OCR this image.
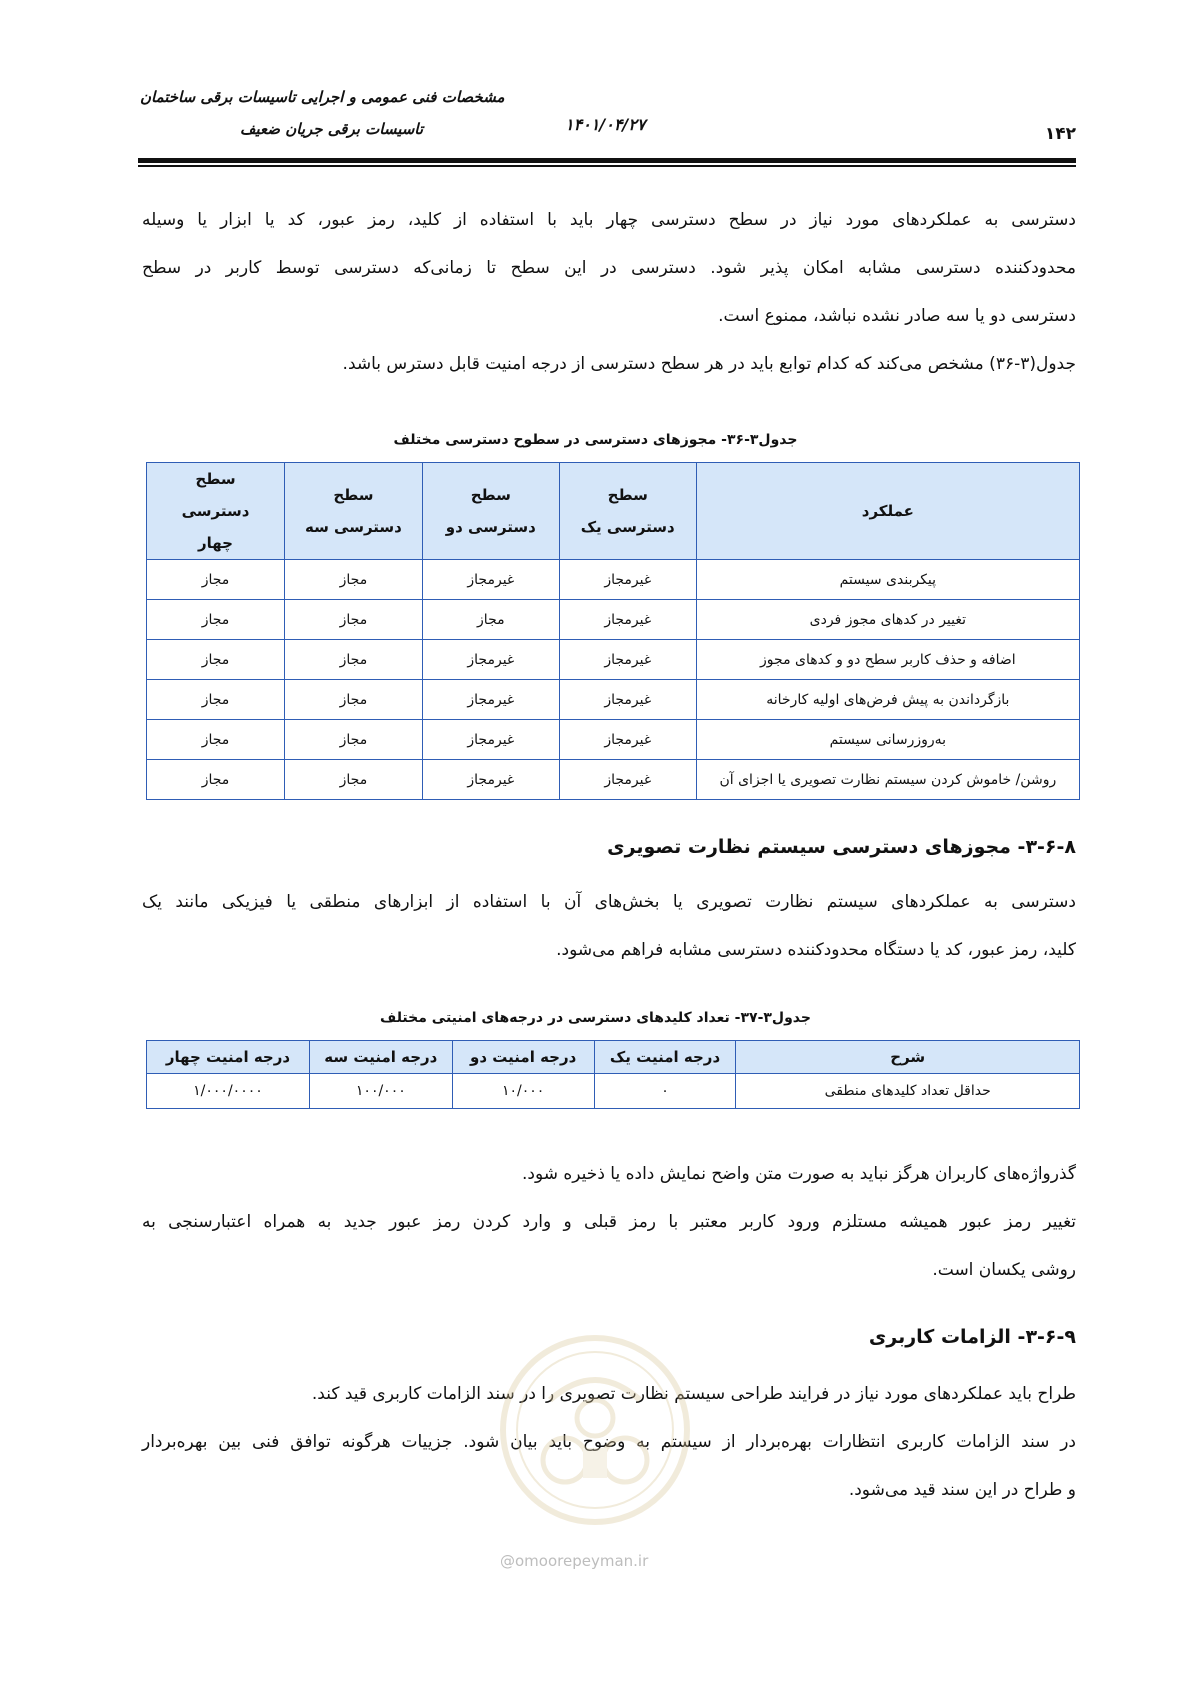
مشخصات فنی عمومی و اجرایی تاسیسات برقی ساختمان
تاسیسات برقی جریان ضعیف	۱۴۰۱/۰۴/۲۷	۱۴۲
دسترسی به عملکردهای مورد نیاز در سطح دسترسی چهار باید با استفاده از کلید، رمز عبور، کد یا ابزار یا وسیله
محدودکننده دسترسی مشابه امکان پذیر شود. دسترسی در این سطح تا زمانی‌که دسترسی توسط کاربر در سطح
دسترسی دو یا سه صادر نشده نباشد، ممنوع است.
جدول(۳-۳۶) مشخص می‌کند که کدام توابع باید در هر سطح دسترسی از درجه امنیت قابل دسترس باشد.
جدول۳-۳۶- مجوزهای دسترسی در سطوح دسترسی مختلف
عملکرد	سطح دسترسی یک	سطح دسترسی دو	سطح دسترسی سه	سطح دسترسی چهار
پیکربندی سیستم	غیرمجاز	غیرمجاز	مجاز	مجاز
تغییر در کدهای مجوز فردی	غیرمجاز	مجاز	مجاز	مجاز
اضافه و حذف کاربر سطح دو و کدهای مجوز	غیرمجاز	غیرمجاز	مجاز	مجاز
بازگرداندن به پیش فرض‌های اولیه کارخانه	غیرمجاز	غیرمجاز	مجاز	مجاز
به‌روزرسانی سیستم	غیرمجاز	غیرمجاز	مجاز	مجاز
روشن/ خاموش کردن سیستم نظارت تصویری یا اجزای آن	غیرمجاز	غیرمجاز	مجاز	مجاز
۳-۶-۸- مجوزهای دسترسی سیستم نظارت تصویری
دسترسی به عملکردهای سیستم نظارت تصویری یا بخش‌های آن با استفاده از ابزارهای منطقی یا فیزیکی مانند یک
کلید، رمز عبور، کد یا دستگاه محدودکننده دسترسی مشابه فراهم می‌شود.
جدول۳-۳۷- تعداد کلیدهای دسترسی در درجه‌های امنیتی مختلف
شرح	درجه امنیت یک	درجه امنیت دو	درجه امنیت سه	درجه امنیت چهار
حداقل تعداد کلیدهای منطقی	۰	۱۰/۰۰۰	۱۰۰/۰۰۰	۱/۰۰۰/۰۰۰۰
گذرواژه‌های کاربران هرگز نباید به صورت متن واضح نمایش داده یا ذخیره شود.
تغییر رمز عبور همیشه مستلزم ورود کاربر معتبر با رمز قبلی و وارد کردن رمز عبور جدید به همراه اعتبارسنجی به
روشی یکسان است.
۳-۶-۹- الزامات کاربری
طراح باید عملکردهای مورد نیاز در فرایند طراحی سیستم نظارت تصویری را در سند الزامات کاربری قید کند.
در سند الزامات کاربری انتظارات بهره‌بردار از سیستم به وضوح باید بیان شود. جزییات هرگونه توافق فنی بین بهره‌بردار
و طراح در این سند قید می‌شود.
@omoorepeyman.ir
